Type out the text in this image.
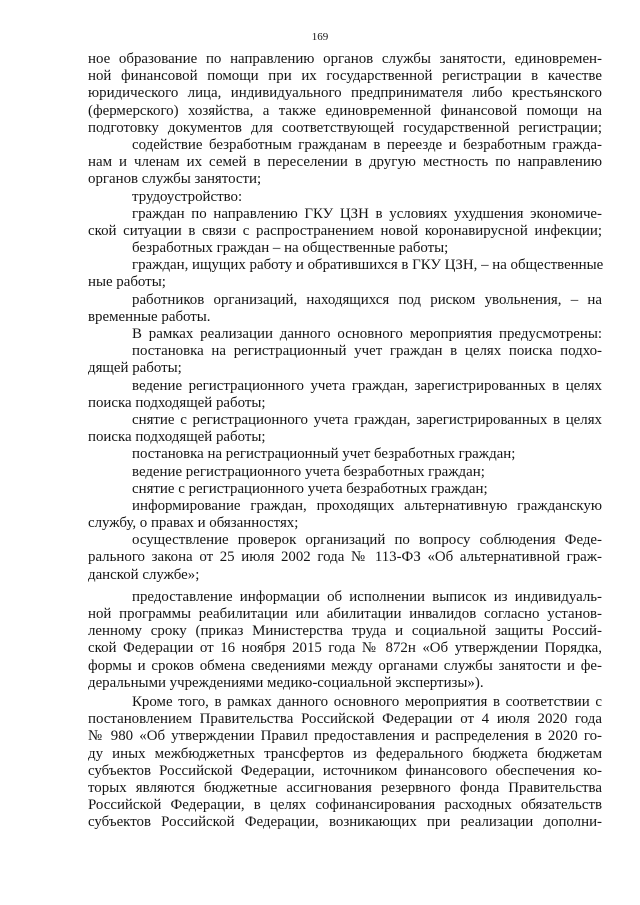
169
ное образование по направлению органов службы занятости, единовремен-
ной финансовой помощи при их государственной регистрации в качестве
юридического лица, индивидуального предпринимателя либо крестьянского
(фермерского) хозяйства, а также единовременной финансовой помощи на
подготовку документов для соответствующей государственной регистрации;
содействие безработным гражданам в переезде и безработным гражда-
нам и членам их семей в переселении в другую местность по направлению
органов службы занятости;
трудоустройство:
граждан по направлению ГКУ ЦЗН в условиях ухудшения экономиче-
ской ситуации в связи с распространением новой коронавирусной инфекции;
безработных граждан – на общественные работы;
граждан, ищущих работу и обратившихся в ГКУ ЦЗН, – на общественные
ные работы;
работников организаций, находящихся под риском увольнения, – на
временные работы.
В рамках реализации данного основного мероприятия предусмотрены:
постановка на регистрационный учет граждан в целях поиска подхо-
дящей работы;
ведение регистрационного учета граждан, зарегистрированных в целях
поиска подходящей работы;
снятие с регистрационного учета граждан, зарегистрированных в целях
поиска подходящей работы;
постановка на регистрационный учет безработных граждан;
ведение регистрационного учета безработных граждан;
снятие с регистрационного учета безработных граждан;
информирование граждан, проходящих альтернативную гражданскую
службу, о правах и обязанностях;
осуществление проверок организаций по вопросу соблюдения Феде-
рального закона от 25 июля 2002 года № 113-ФЗ «Об альтернативной граж-
данской службе»;
предоставление информации об исполнении выписок из индивидуаль-
ной программы реабилитации или абилитации инвалидов согласно установ-
ленному сроку (приказ Министерства труда и социальной защиты Россий-
ской Федерации от 16 ноября 2015 года № 872н «Об утверждении Порядка,
формы и сроков обмена сведениями между органами службы занятости и фе-
деральными учреждениями медико-социальной экспертизы»).
Кроме того, в рамках данного основного мероприятия в соответствии с
постановлением Правительства Российской Федерации от 4 июля 2020 года
№ 980 «Об утверждении Правил предоставления и распределения в 2020 го-
ду иных межбюджетных трансфертов из федерального бюджета бюджетам
субъектов Российской Федерации, источником финансового обеспечения ко-
торых являются бюджетные ассигнования резервного фонда Правительства
Российской Федерации, в целях софинансирования расходных обязательств
субъектов Российской Федерации, возникающих при реализации дополни-
